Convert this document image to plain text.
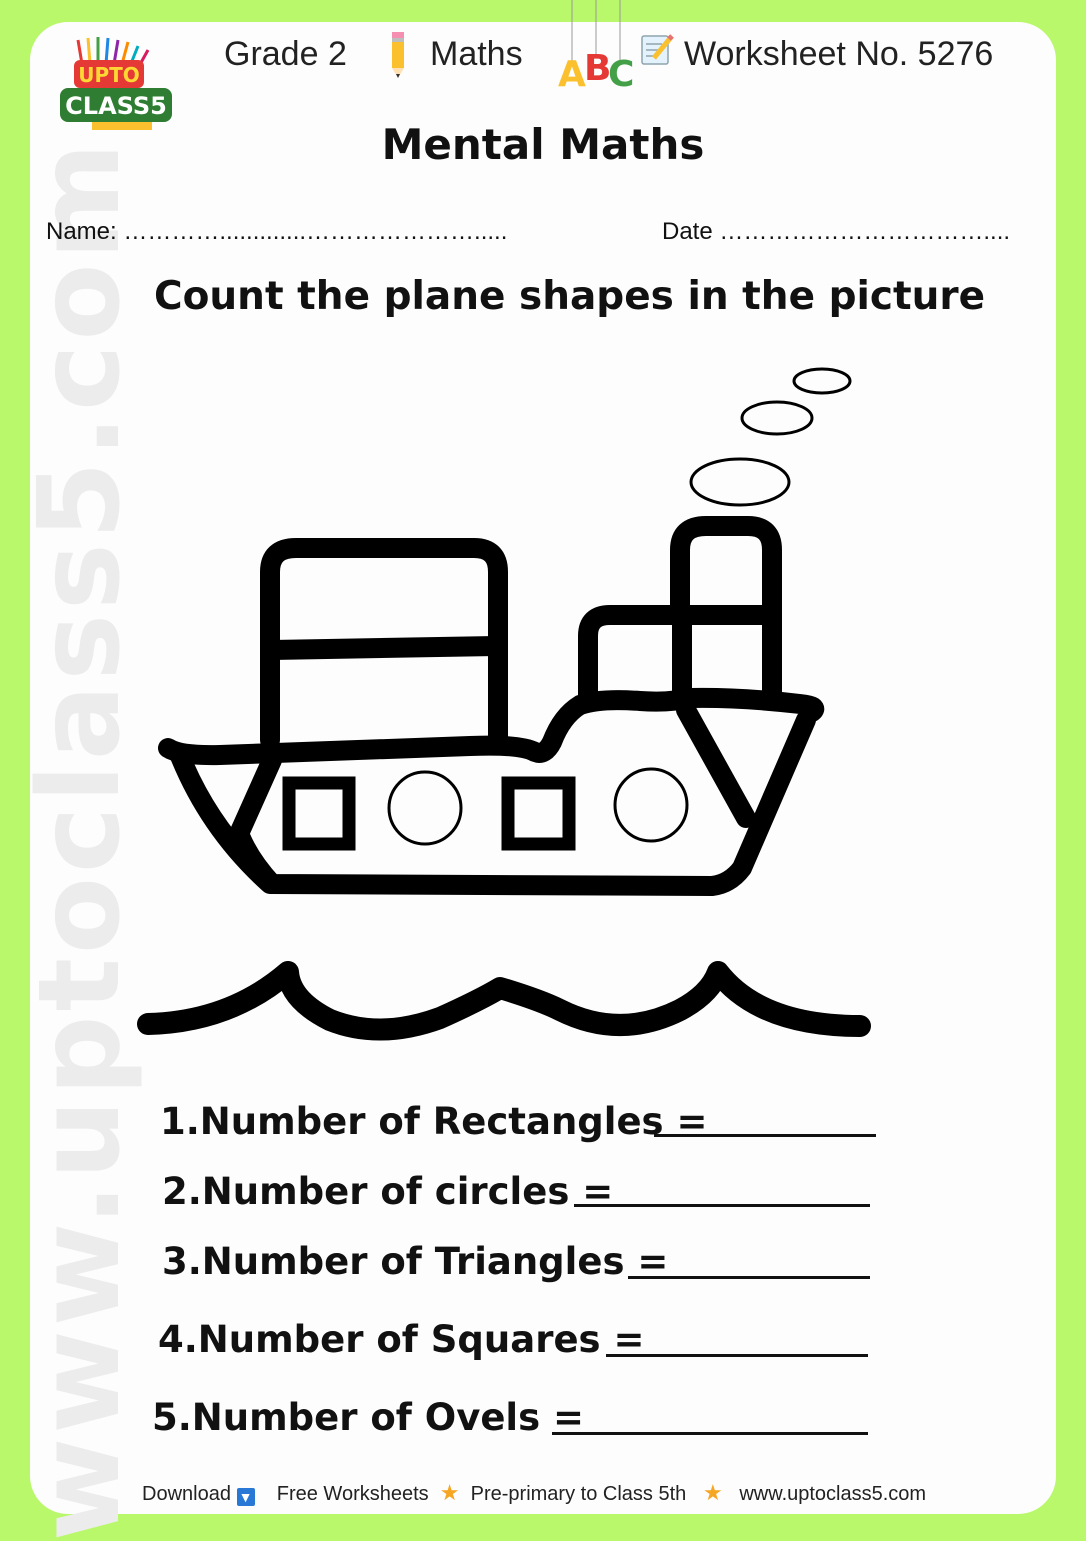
www.uptoclass5.com
UPTO
CLASS5
Grade 2 Maths A
B
C Worksheet No. 5276
Mental Maths
Name: ………….............………………….....	Date ……………………………....
Count the plane shapes in the picture
1.Number of Rectangles =
2.Number of circles =
3.Number of Triangles =
4.Number of Squares =
5.Number of Ovels =
Download ▼ Free Worksheets ★ Pre-primary to Class 5th ★ www.uptoclass5.com
